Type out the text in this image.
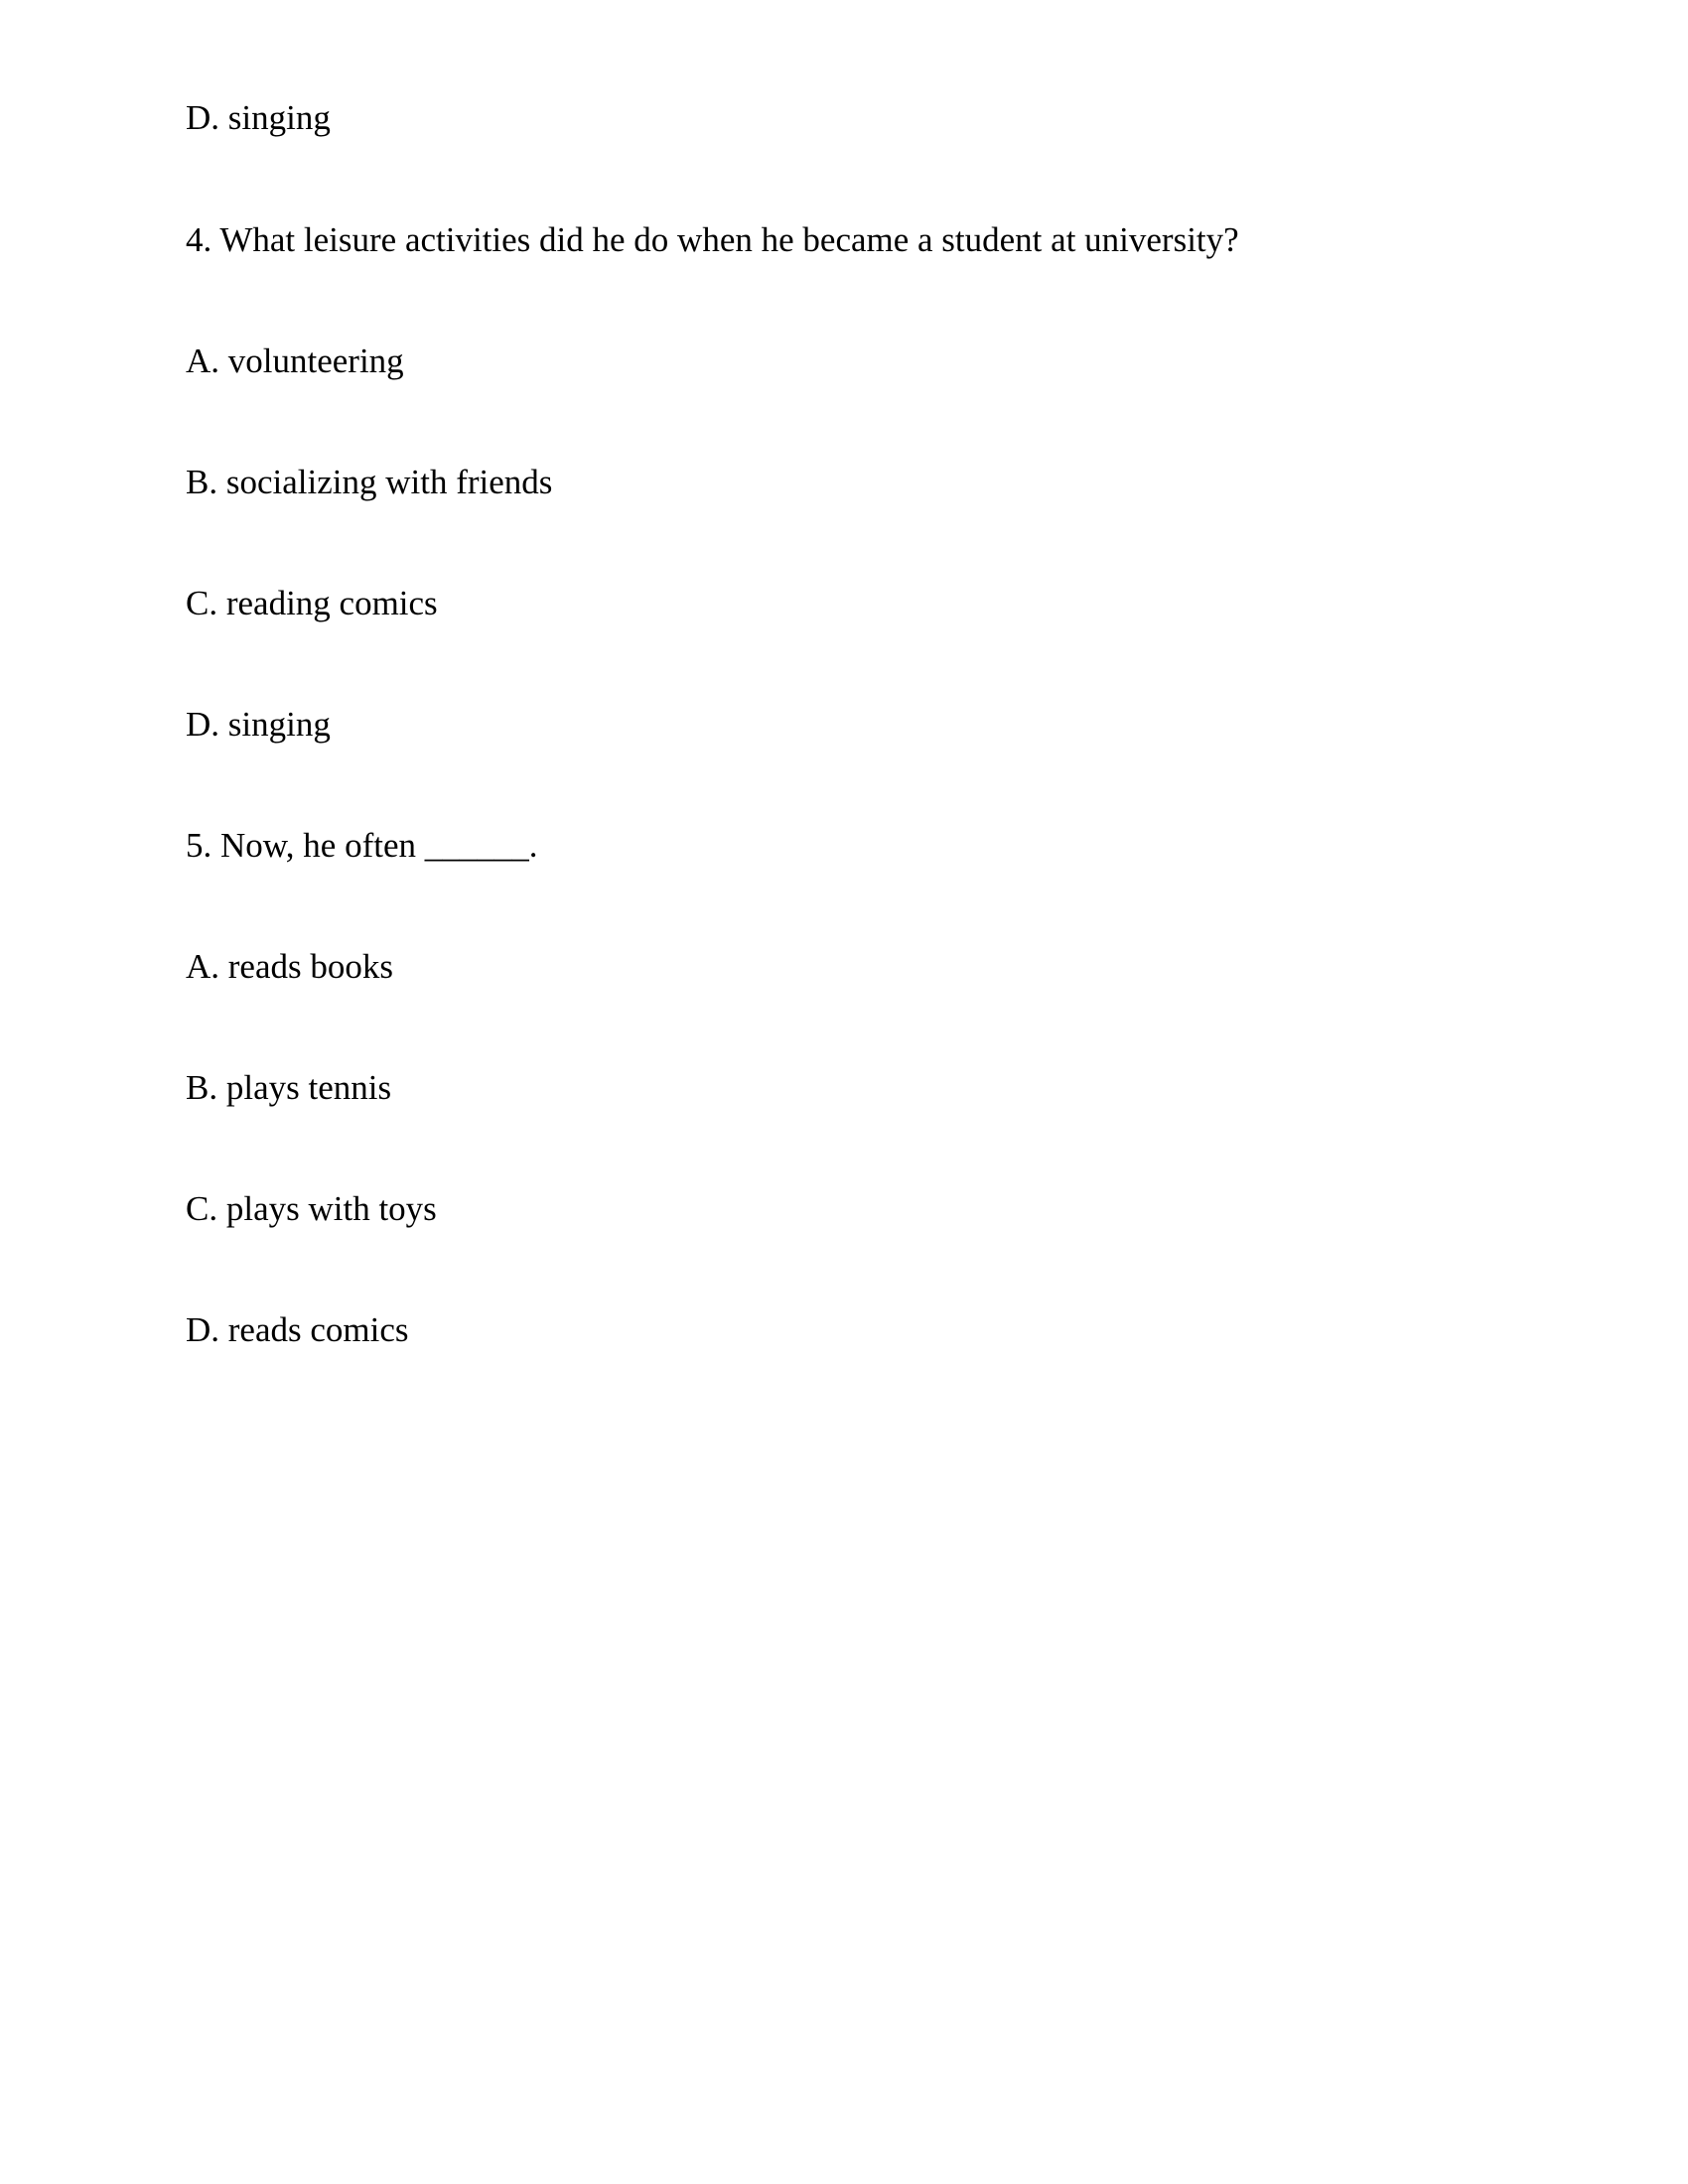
D. singing

4. What leisure activities did he do when he became a student at university?

A. volunteering

B. socializing with friends

C. reading comics

D. singing

5. Now, he often ______.

A. reads books

B. plays tennis

C. plays with toys

D. reads comics
